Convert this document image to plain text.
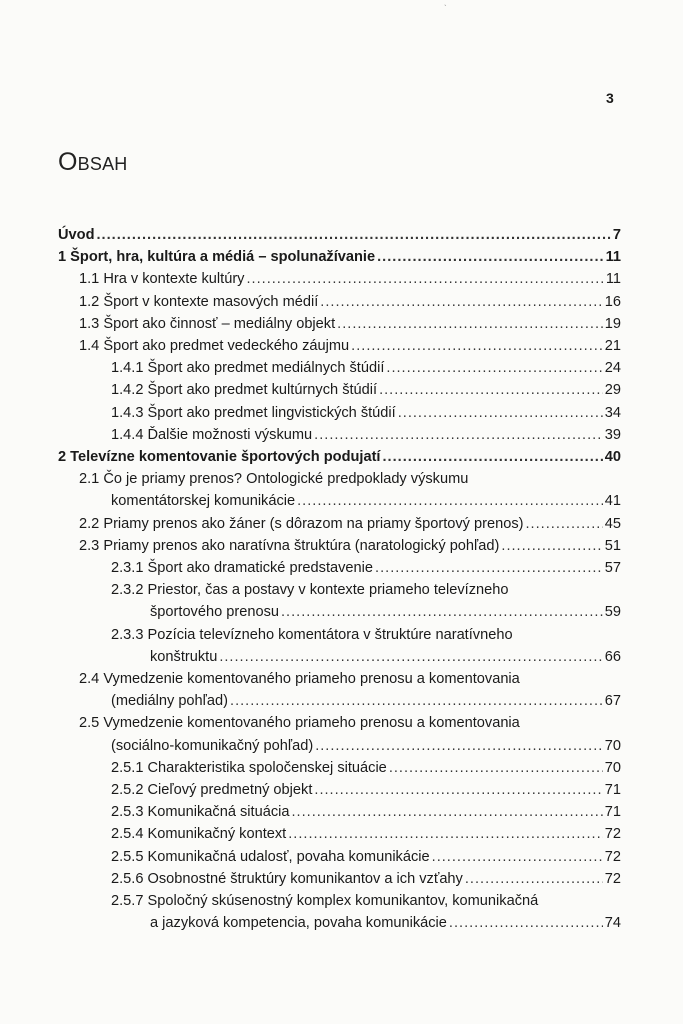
`
3
OBSAH
Úvod .....	7
1 Šport, hra, kultúra a médiá – spolunažívanie .....	11
1.1 Hra v kontexte kultúry .....	11
1.2 Šport v kontexte masových médií .....	16
1.3 Šport ako činnosť – mediálny objekt .....	19
1.4 Šport ako predmet vedeckého záujmu .....	21
1.4.1 Šport ako predmet mediálnych štúdií .....	24
1.4.2 Šport ako predmet kultúrnych štúdií .....	29
1.4.3 Šport ako predmet lingvistických štúdií .....	34
1.4.4 Ďalšie možnosti výskumu .....	39
2 Televízne komentovanie športových podujatí .....	40
2.1 Čo je priamy prenos? Ontologické predpoklady výskumu
komentátorskej komunikácie .....	41
2.2 Priamy prenos ako žáner (s dôrazom na priamy športový prenos) .....	45
2.3 Priamy prenos ako naratívna štruktúra (naratologický pohľad) .....	51
2.3.1 Šport ako dramatické predstavenie .....	57
2.3.2 Priestor, čas a postavy v kontexte priameho televízneho
športového prenosu .....	59
2.3.3 Pozícia televízneho komentátora v štruktúre naratívneho
konštruktu .....	66
2.4 Vymedzenie komentovaného priameho prenosu a komentovania
(mediálny pohľad) .....	67
2.5 Vymedzenie komentovaného priameho prenosu a komentovania
(sociálno-komunikačný pohľad) .....	70
2.5.1 Charakteristika spoločenskej situácie .....	70
2.5.2 Cieľový predmetný objekt .....	71
2.5.3 Komunikačná situácia .....	71
2.5.4 Komunikačný kontext .....	72
2.5.5 Komunikačná udalosť, povaha komunikácie .....	72
2.5.6 Osobnostné štruktúry komunikantov a ich vzťahy .....	72
2.5.7 Spoločný skúsenostný komplex komunikantov, komunikačná
a jazyková kompetencia, povaha komunikácie .....	74
